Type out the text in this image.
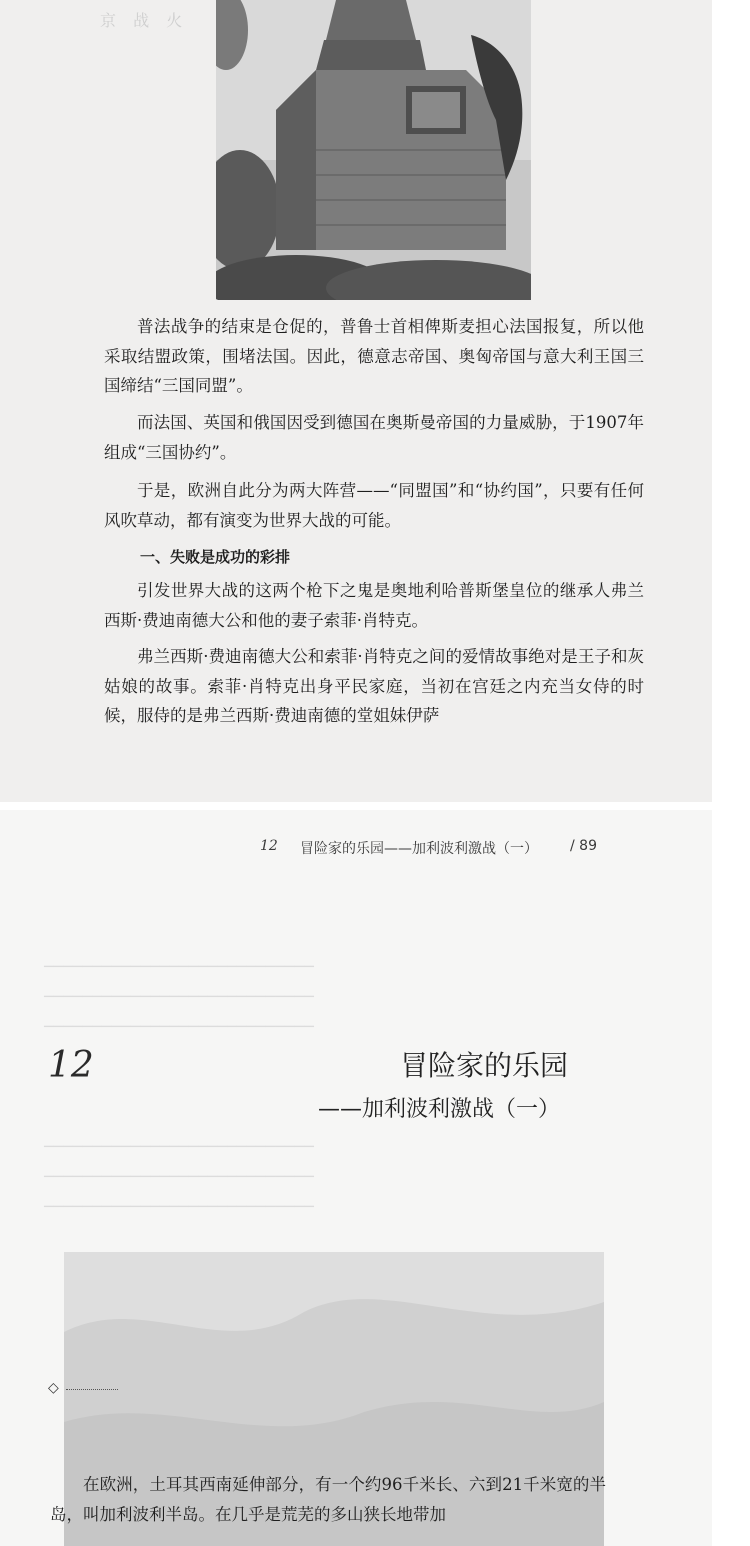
京 战 火

普法战争的结束是仓促的，普鲁士首相俾斯麦担心法国报复，所以他采取结盟政策，围堵法国。因此，德意志帝国、奥匈帝国与意大利王国三国缔结“三国同盟”。

而法国、英国和俄国因受到德国在奥斯曼帝国的力量威胁，于1907年组成“三国协约”。

于是，欧洲自此分为两大阵营——“同盟国”和“协约国”，只要有任何风吹草动，都有演变为世界大战的可能。

一、失败是成功的彩排

引发世界大战的这两个枪下之鬼是奥地利哈普斯堡皇位的继承人弗兰西斯·费迪南德大公和他的妻子索菲·肖特克。

弗兰西斯·费迪南德大公和索菲·肖特克之间的爱情故事绝对是王子和灰姑娘的故事。索菲·肖特克出身平民家庭，当初在宫廷之内充当女侍的时候，服侍的是弗兰西斯·费迪南德的堂姐妹伊萨

12 冒险家的乐园——加利波利激战（一） / 89
────────────────────────────
────────────────────────────
────────────────────────────
────────────────────────────
────────────────────────────
────────────────────────────
12	冒险家的乐园
——加利波利激战（一）
◇

在欧洲，土耳其西南延伸部分，有一个约96千米长、六到21千米宽的半岛，叫加利波利半岛。在几乎是荒芜的多山狭长地带加
